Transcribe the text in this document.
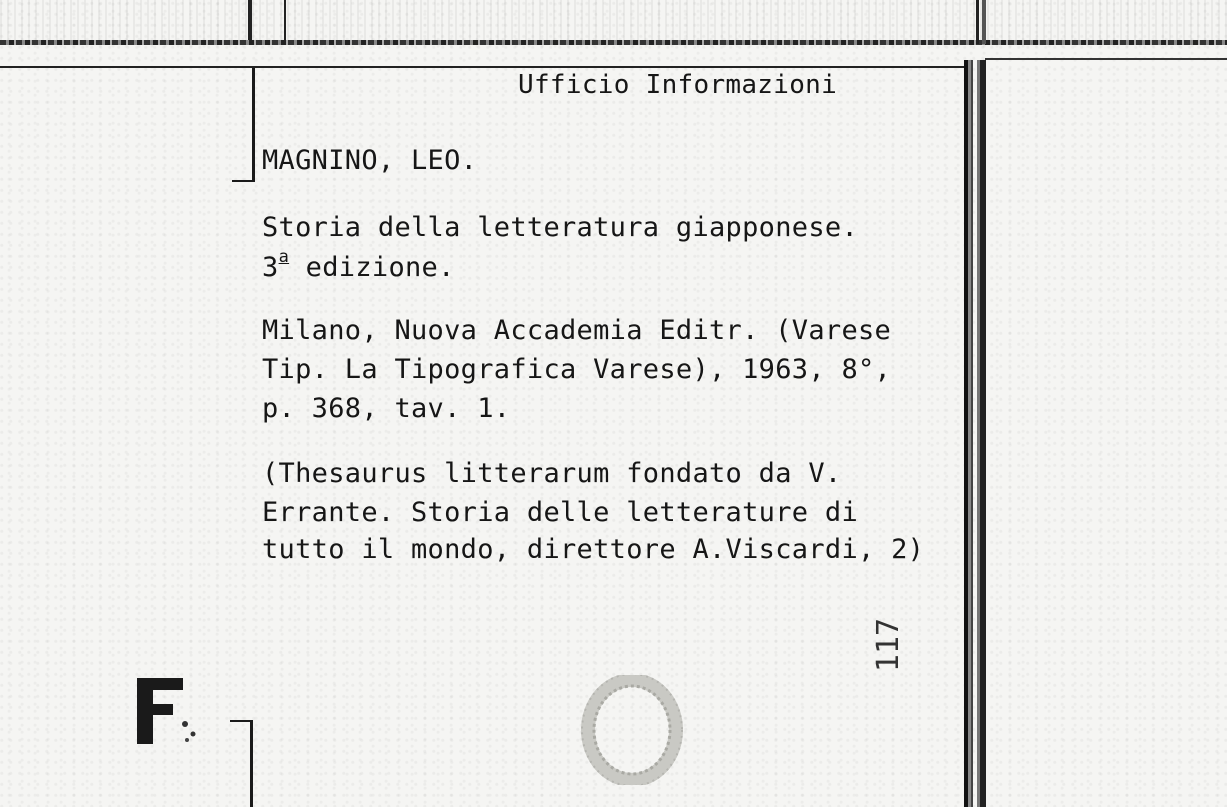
Ufficio Informazioni
MAGNINO, LEO.
Storia della letteratura giapponese.
3$^a$ edizione.
Milano, Nuova Accademia Editr. (Varese
Tip. La Tipografica Varese), 1963, 8°,
p. 368, tav. 1.
(Thesaurus litterarum fondato da V.
Errante. Storia delle letterature di
tutto il mondo, direttore A.Viscardi, 2)
117
